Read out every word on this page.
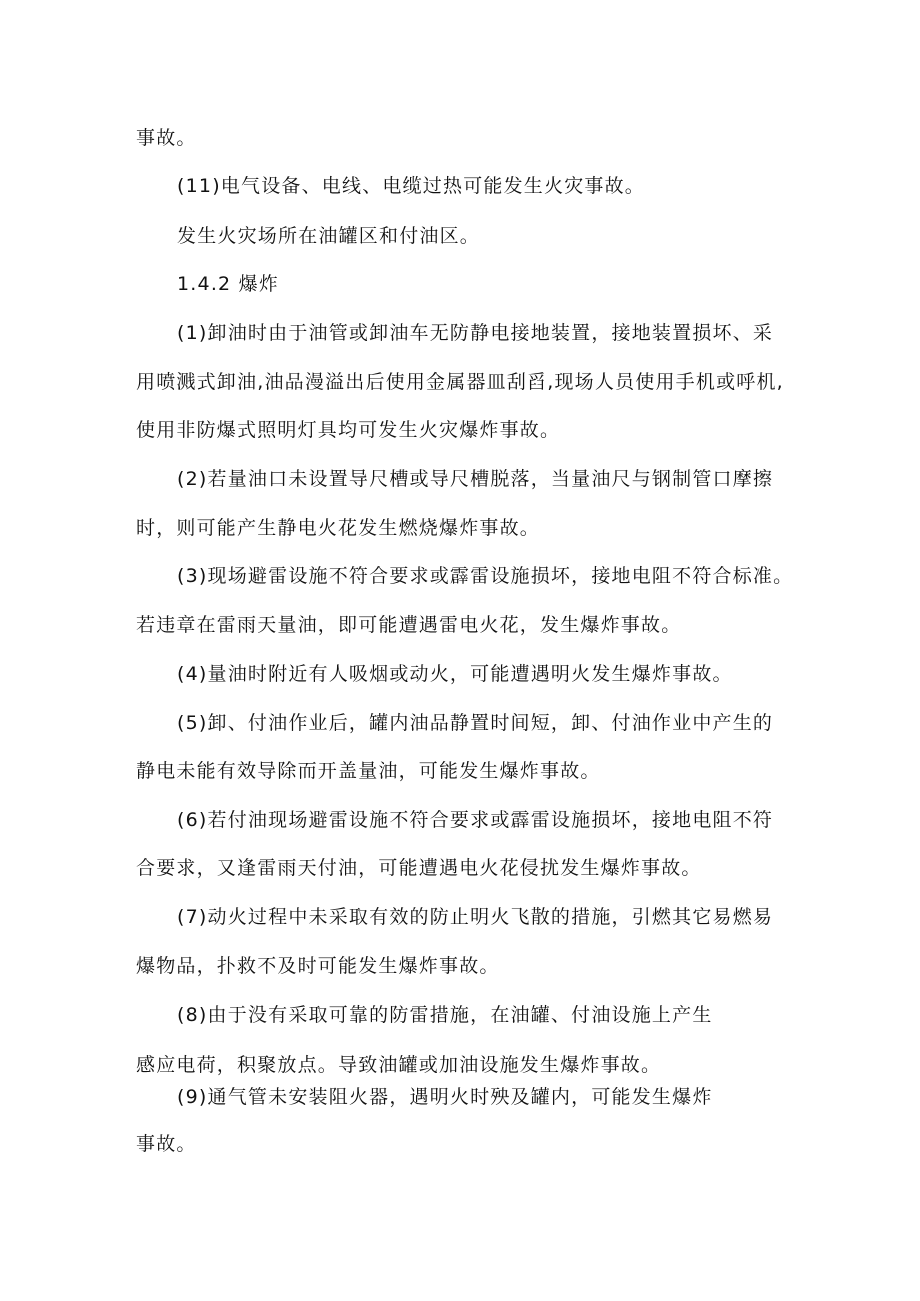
事故。
(11)电气设备、电线、电缆过热可能发生火灾事故。
发生火灾场所在油罐区和付油区。
1.4.2 爆炸
(1)卸油时由于油管或卸油车无防静电接地装置，接地装置损坏、采
用喷溅式卸油,油品漫溢出后使用金属器皿刮舀,现场人员使用手机或呼机,
使用非防爆式照明灯具均可发生火灾爆炸事故。
(2)若量油口未设置导尺槽或导尺槽脱落，当量油尺与钢制管口摩擦
时，则可能产生静电火花发生燃烧爆炸事故。
(3)现场避雷设施不符合要求或霹雷设施损坏，接地电阻不符合标准。
若违章在雷雨天量油，即可能遭遇雷电火花，发生爆炸事故。
(4)量油时附近有人吸烟或动火，可能遭遇明火发生爆炸事故。
(5)卸、付油作业后，罐内油品静置时间短，卸、付油作业中产生的
静电未能有效导除而开盖量油，可能发生爆炸事故。
(6)若付油现场避雷设施不符合要求或霹雷设施损坏，接地电阻不符
合要求，又逢雷雨天付油，可能遭遇电火花侵扰发生爆炸事故。
(7)动火过程中未采取有效的防止明火飞散的措施，引燃其它易燃易
爆物品，扑救不及时可能发生爆炸事故。
(8)由于没有采取可靠的防雷措施，在油罐、付油设施上产生
感应电荷，积聚放点。导致油罐或加油设施发生爆炸事故。
(9)通气管未安装阻火器，遇明火时殃及罐内，可能发生爆炸
事故。
